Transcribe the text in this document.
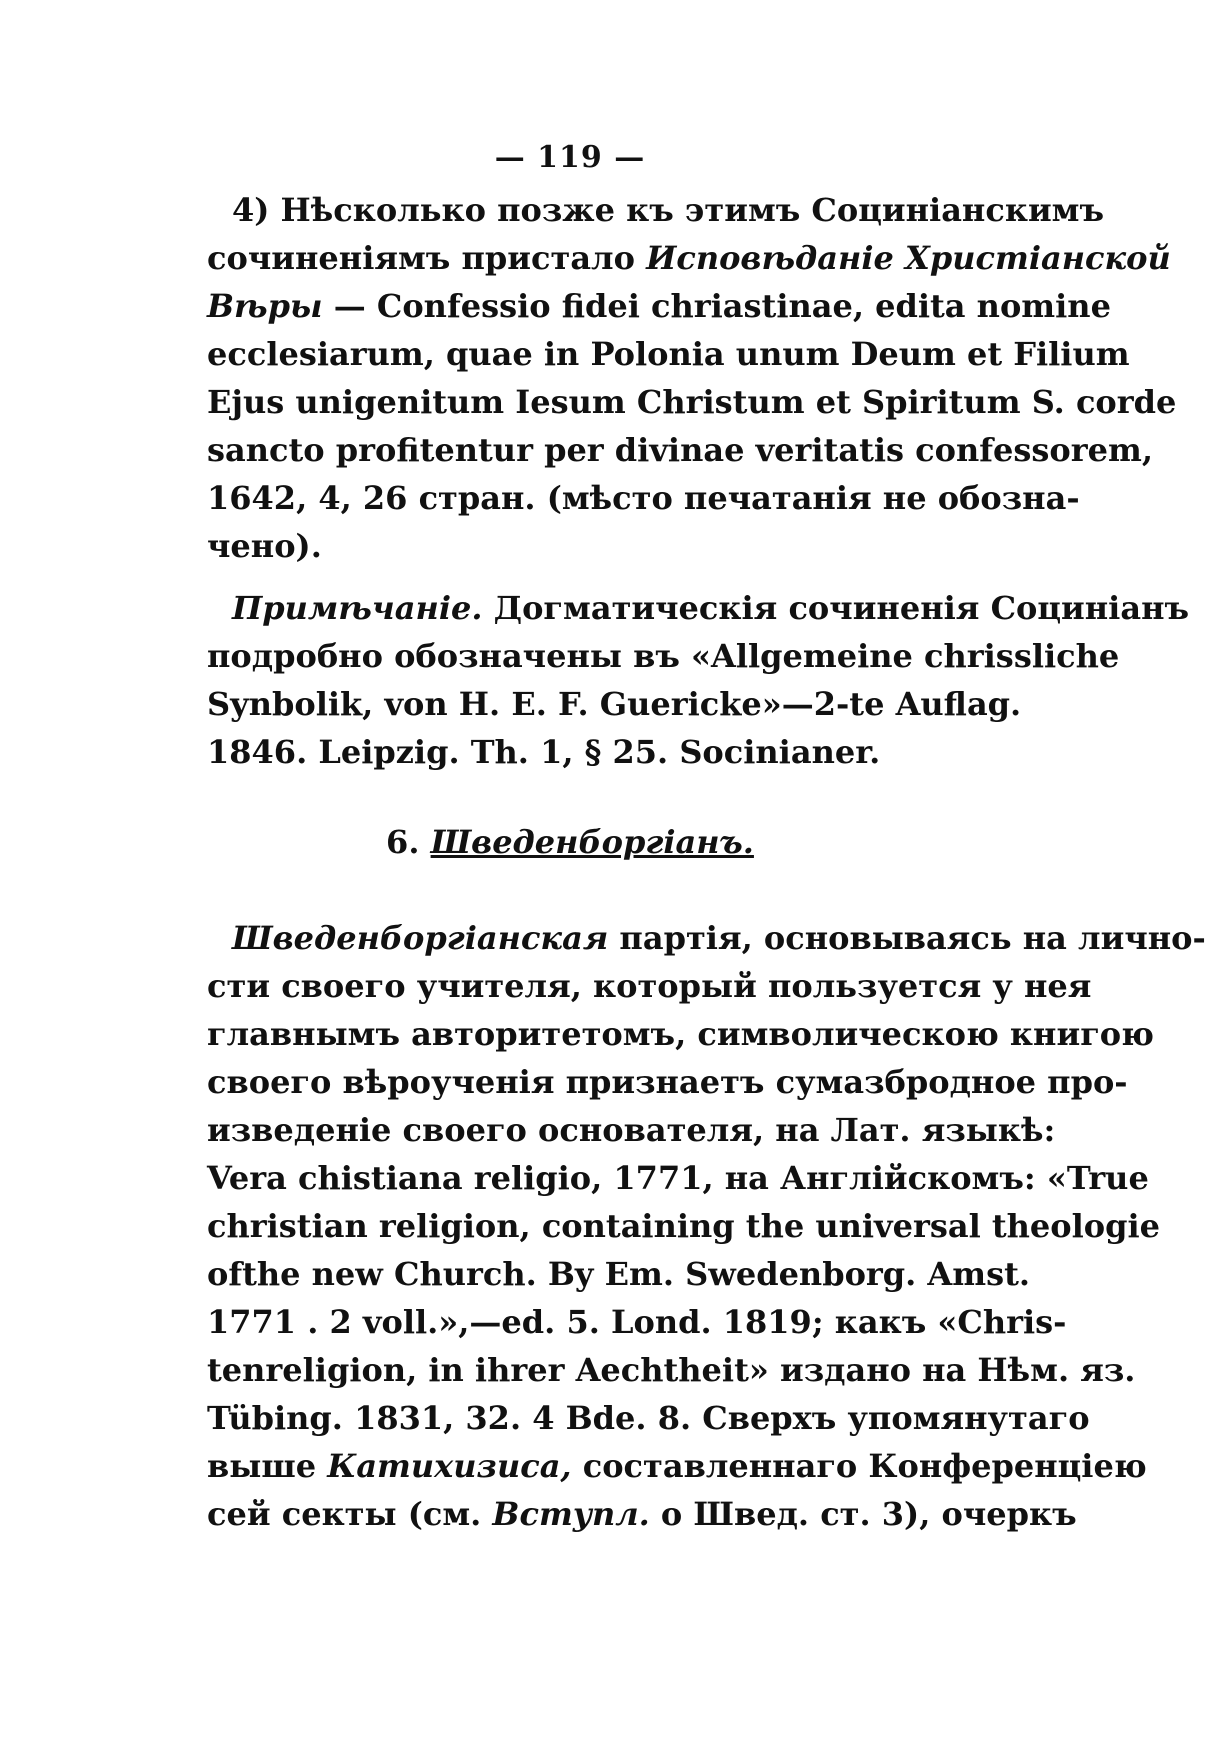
— 119 —
4) Нѣсколько позже къ этимъ Социніанскимъ
сочиненіямъ пристало Исповѣданіе Христіанской
Вѣры — Confessio fidei chriastinae, edita nomine
ecclesiarum, quae in Polonia unum Deum et Filium
Ejus unigenitum Iesum Christum et Spiritum S. corde
sancto profitentur per divinae veritatis confessorem,
1642, 4, 26 стран. (мѣсто печатанія не обозна-
чено).
Примѣчаніе. Догматическія сочиненія Социніанъ
подробно обозначены въ «Allgemeine chrissliche
Synbolik, von H. E. F. Guericke»—2-te Auflag.
1846. Leipzig. Th. 1, § 25. Socinianer.
6. Шведенборгіанъ.
Шведенборгіанская партія, основываясь на лично-
сти своего учителя, который пользуется у нея
главнымъ авторитетомъ, символическою книгою
своего вѣроученія признаетъ сумазбродное про-
изведеніе своего основателя, на Лат. языкѣ:
Vera chistiana religio, 1771, на Англійскомъ: «True
christian religion, containing the universal theologie
ofthe new Church. By Em. Swedenborg. Amst.
1771 . 2 voll.»,—ed. 5. Lond. 1819; какъ «Chris-
tenreligion, in ihrer Aechtheit» издано на Нѣм. яз.
Tübing. 1831, 32. 4 Bde. 8. Сверхъ упомянутаго
выше Катихизиса, составленнаго Конференціею
сей секты (см. Вступл. о Швед. ст. 3), очеркъ
